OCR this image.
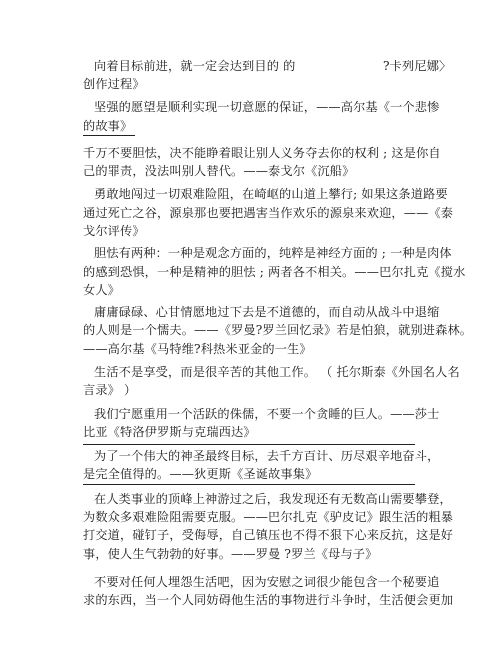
向着目标前进，就一定会达到目的 的	?卡列尼娜〉
创作过程》
坚强的愿望是顺利实现一切意愿的保证，——高尔基《一个悲惨
的故事》
千万不要胆怯，决不能睁着眼让别人义务夺去你的权利 ; 这是你自
己的罪责，没法叫别人替代。——泰戈尔《沉船》
勇敢地闯过一切艰难险阻，在崎岖的山道上攀行; 如果这条道路要
通过死亡之谷，源泉那也要把遇害当作欢乐的源泉来欢迎，——《泰
戈尔评传》
胆怯有两种：一种是观念方面的，纯粹是神经方面的 ; 一种是肉体
的感到恐惧，一种是精神的胆怯 ; 两者各不相关。——巴尔扎克《搅水
女人》
庸庸碌碌、心甘情愿地过下去是不道德的，而自动从战斗中退缩
的人则是一个懦夫。——《罗曼?罗兰回忆录》若是怕狼，就别进森林。
——高尔基《马特维?科热米亚金的一生》
生活不是享受，而是很辛苦的其他工作。 （ 托尔斯泰《外国名人名
言录》 ）
我们宁愿重用一个活跃的侏儒，不要一个贪睡的巨人。——莎士
比亚《特洛伊罗斯与克瑞西达》
为了一个伟大的神圣最终目标，去千方百计、历尽艰辛地奋斗，
是完全值得的。——狄更斯《圣诞故事集》
在人类事业的顶峰上神游过之后，我发现还有无数高山需要攀登，
为数众多艰难险阻需要克服。——巴尔扎克《驴皮记》跟生活的粗暴
打交道，碰钉子，受侮辱，自己镇压也不得不狠下心来反抗，这是好
事，使人生气勃勃的好事。——罗曼 ?罗兰《母与子》
不要对任何人埋怨生活吧，因为安慰之词很少能包含一个秘要追
求的东西，当一个人同妨碍他生活的事物进行斗争时，生活便会更加
